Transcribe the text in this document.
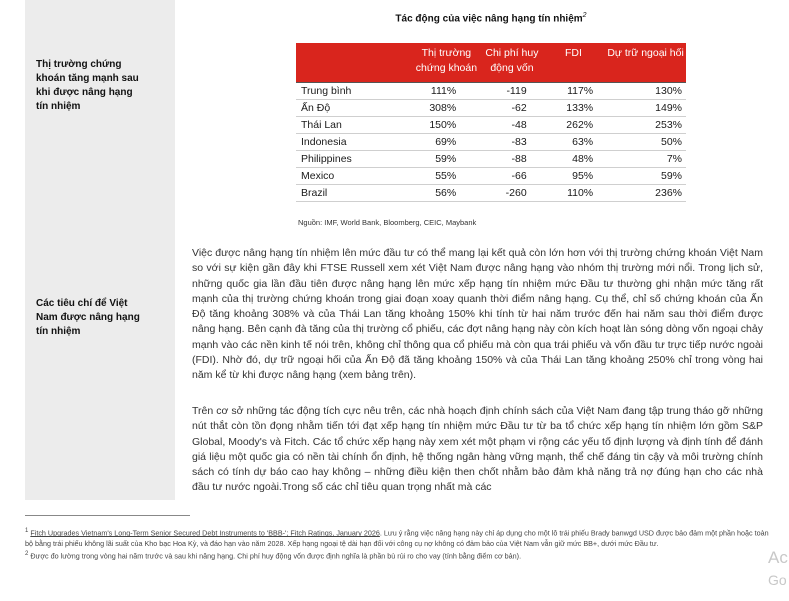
Thị trường chứng khoán tăng mạnh sau khi được nâng hạng tín nhiệm
Các tiêu chí để Việt Nam được nâng hạng tín nhiệm
Tác động của việc nâng hạng tín nhiệm$^2$
	Thị trường chứng khoán	Chi phí huy động vốn	FDI	Dự trữ ngoại hối
Trung bình	111%	-119	117%	130%
Ấn Độ	308%	-62	133%	149%
Thái Lan	150%	-48	262%	253%
Indonesia	69%	-83	63%	50%
Philippines	59%	-88	48%	7%
Mexico	55%	-66	95%	59%
Brazil	56%	-260	110%	236%
Nguồn: IMF, World Bank, Bloomberg, CEIC, Maybank
Việc được nâng hạng tín nhiệm lên mức đầu tư có thể mang lại kết quả còn lớn hơn với thị trường chứng khoán Việt Nam so với sự kiện gần đây khi FTSE Russell xem xét Việt Nam được nâng hạng vào nhóm thị trường mới nổi. Trong lịch sử, những quốc gia lần đầu tiên được nâng hạng lên mức xếp hạng tín nhiệm mức Đầu tư thường ghi nhận mức tăng rất mạnh của thị trường chứng khoán trong giai đoạn xoay quanh thời điểm nâng hạng. Cụ thể, chỉ số chứng khoán của Ấn Độ tăng khoảng 308% và của Thái Lan tăng khoảng 150% khi tính từ hai năm trước đến hai năm sau thời điểm được nâng hạng. Bên cạnh đà tăng của thị trường cổ phiếu, các đợt nâng hạng này còn kích hoạt làn sóng dòng vốn ngoại chảy mạnh vào các nền kinh tế nói trên, không chỉ thông qua cổ phiếu mà còn qua trái phiếu và vốn đầu tư trực tiếp nước ngoài (FDI). Nhờ đó, dự trữ ngoại hối của Ấn Độ đã tăng khoảng 150% và của Thái Lan tăng khoảng 250% chỉ trong vòng hai năm kể từ khi được nâng hạng (xem bảng trên).
Trên cơ sở những tác động tích cực nêu trên, các nhà hoạch định chính sách của Việt Nam đang tập trung tháo gỡ những nút thắt còn tồn đọng nhằm tiến tới đạt xếp hạng tín nhiệm mức Đầu tư từ ba tổ chức xếp hạng tín nhiệm lớn gồm S&P Global, Moody's và Fitch. Các tổ chức xếp hạng này xem xét một phạm vi rộng các yếu tố định lượng và định tính để đánh giá liệu một quốc gia có nền tài chính ổn định, hệ thống ngân hàng vững mạnh, thể chế đáng tin cậy và môi trường chính sách có tính dự báo cao hay không – những điều kiện then chốt nhằm bảo đảm khả năng trả nợ đúng hạn cho các nhà đầu tư nước ngoài.Trong số các chỉ tiêu quan trọng nhất mà các
$^1$ Fitch Upgrades Vietnam's Long-Term Senior Secured Debt Instruments to 'BBB-'; Fitch Ratings, January 2026. Lưu ý rằng việc nâng hạng này chỉ áp dụng cho một lô trái phiếu Brady banwgd USD được bảo đảm một phần hoặc toàn bộ bằng trái phiếu không lãi suất của Kho bạc Hoa Kỳ, và đáo hạn vào năm 2028. Xếp hạng ngoại tệ dài hạn đối với công cụ nợ không có đảm bảo của Việt Nam vẫn giữ mức BB+, dưới mức Đầu tư.
$^2$ Được đo lường trong vòng hai năm trước và sau khi nâng hạng. Chi phí huy động vốn được định nghĩa là phần bù rủi ro cho vay (tính bằng điểm cơ bản).	Ac
Go
